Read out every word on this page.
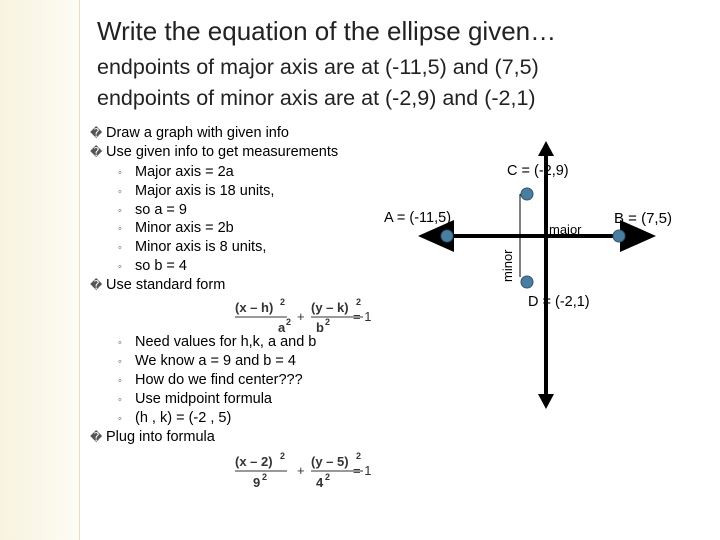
Write the equation of the ellipse given…
endpoints of major axis are at (-11,5) and (7,5)
endpoints of minor axis are at (-2,9) and (-2,1)
� Draw a graph with given info
� Use given info to get measurements
◦ Major axis = 2a
◦ Major axis is 18 units,
◦ so a = 9
◦ Minor axis = 2b
◦ Minor axis is 8 units,
◦ so b = 4
� Use standard form
(x – h) 2
a 2 +
(y – k) 2
b 2 = 1
(x – 2) 2
9 2 +
(y – 5) 2
4 2 = 1
◦ Need values for h,k, a and b
◦ We know a = 9 and b = 4
◦ How do we find center???
◦ Use midpoint formula
◦ (h , k) = (-2 , 5)
� Plug into formula
minor
C = (-2,9)
A = (-11,5)	B = (7,5)
D = (-2,1)
major
